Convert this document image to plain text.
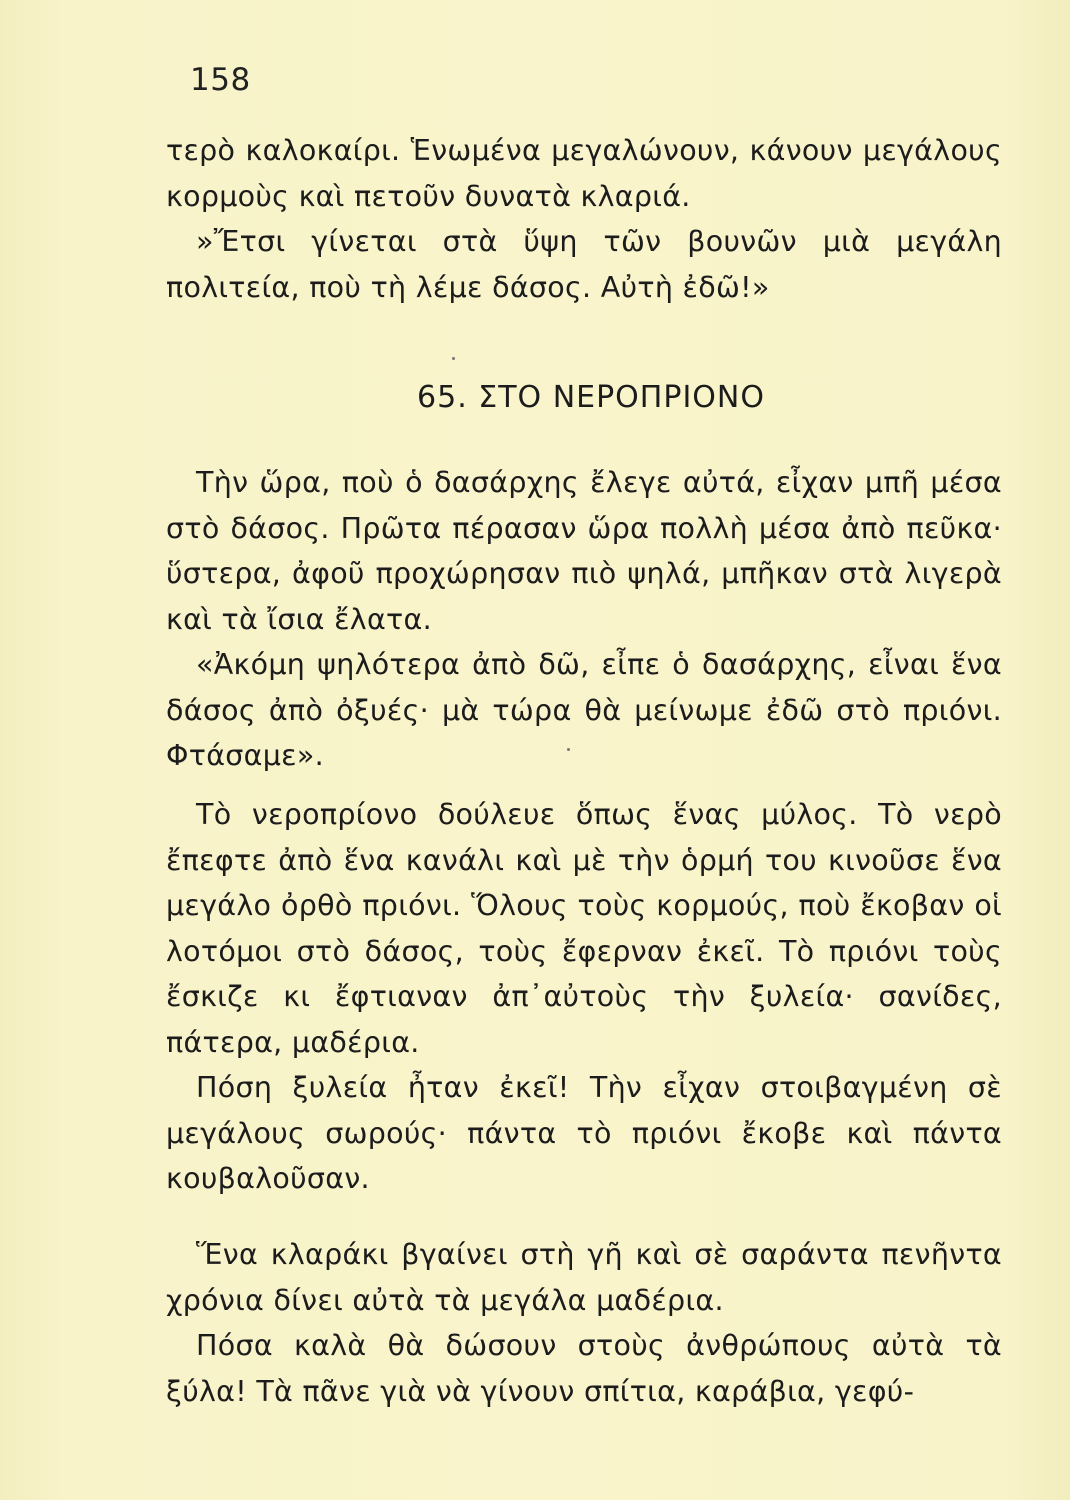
158

τερὸ καλοκαίρι. Ἑνωμένα μεγαλώνουν, κάνουν μεγάλους κορμοὺς καὶ πετοῦν δυνατὰ κλαριά.

»Ἔτσι γίνεται στὰ ὕψη τῶν βουνῶν μιὰ μεγάλη πολιτεία, ποὺ τὴ λέμε δάσος. Αὐτὴ ἐδῶ!»

65. ΣΤΟ ΝΕΡΟΠΡΙΟΝΟ

Τὴν ὥρα, ποὺ ὁ δασάρχης ἔλεγε αὐτά, εἶχαν μπῆ μέσα στὸ δάσος. Πρῶτα πέρασαν ὥρα πολλὴ μέσα ἀπὸ πεῦκα· ὕστερα, ἀφοῦ προχώρησαν πιὸ ψηλά, μπῆκαν στὰ λιγερὰ καὶ τὰ ἴσια ἔλατα.

«Ἀκόμη ψηλότερα ἀπὸ δῶ, εἶπε ὁ δασάρχης, εἶναι ἕνα δάσος ἀπὸ ὀξυές· μὰ τώρα θὰ μείνωμε ἐδῶ στὸ πριόνι. Φτάσαμε».

Τὸ νεροπρίονο δούλευε ὅπως ἕνας μύλος. Τὸ νερὸ ἔπεφτε ἀπὸ ἕνα κανάλι καὶ μὲ τὴν ὁρμή του κινοῦσε ἕνα μεγάλο ὀρθὸ πριόνι. Ὅλους τοὺς κορμούς, ποὺ ἔκοβαν οἱ λοτόμοι στὸ δάσος, τοὺς ἔφερναν ἐκεῖ. Τὸ πριόνι τοὺς ἔσκιζε κι ἔφτιαναν ἀπ᾿αὐτοὺς τὴν ξυλεία· σανίδες, πάτερα, μαδέρια.

Πόση ξυλεία ἦταν ἐκεῖ! Τὴν εἶχαν στοιβαγμένη σὲ μεγάλους σωρούς· πάντα τὸ πριόνι ἔκοβε καὶ πάντα κουβαλοῦσαν.

Ἕνα κλαράκι βγαίνει στὴ γῆ καὶ σὲ σαράντα πενῆντα χρόνια δίνει αὐτὰ τὰ μεγάλα μαδέρια.

Πόσα καλὰ θὰ δώσουν στοὺς ἀνθρώπους αὐτὰ τὰ ξύλα! Τὰ πᾶνε γιὰ νὰ γίνουν σπίτια, καράβια, γεφύ-
